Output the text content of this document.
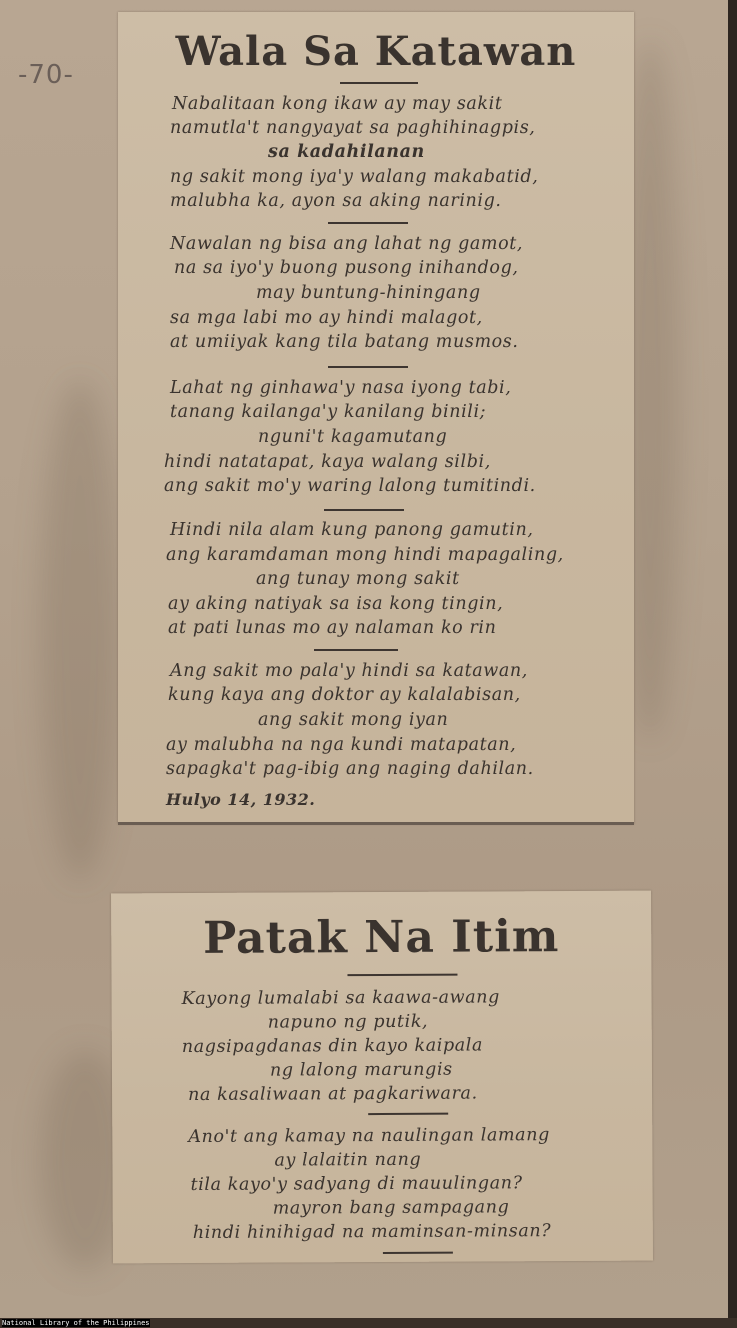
-70-	Wala Sa Katawan
Nabalitaan kong ikaw ay may sakit
namutla't nangyayat sa paghihinagpis,
sa kadahilanan
ng sakit mong iya'y walang makabatid,
malubha ka, ayon sa aking narinig.
Nawalan ng bisa ang lahat ng gamot,
na sa iyo'y buong pusong inihandog,
may buntung-hiningang
sa mga labi mo ay hindi malagot,
at umiiyak kang tila batang musmos.
Lahat ng ginhawa'y nasa iyong tabi,
tanang kailanga'y kanilang binili;
nguni't kagamutang
hindi natatapat, kaya walang silbi,
ang sakit mo'y waring lalong tumitindi.
Hindi nila alam kung panong gamutin,
ang karamdaman mong hindi mapagaling,
ang tunay mong sakit
ay aking natiyak sa isa kong tingin,
at pati lunas mo ay nalaman ko rin
Ang sakit mo pala'y hindi sa katawan,
kung kaya ang doktor ay kalalabisan,
ang sakit mong iyan
ay malubha na nga kundi matapatan,
sapagka't pag-ibig ang naging dahilan.
Hulyo 14, 1932.
Patak Na Itim
Kayong lumalabi sa kaawa-awang
napuno ng putik,
nagsipagdanas din kayo kaipala
ng lalong marungis
na kasaliwaan at pagkariwara.
Ano't ang kamay na naulingan lamang
ay lalaitin nang
tila kayo'y sadyang di mauulingan?
mayron bang sampagang
hindi hinihigad na maminsan-minsan?
National Library of the Philippines
